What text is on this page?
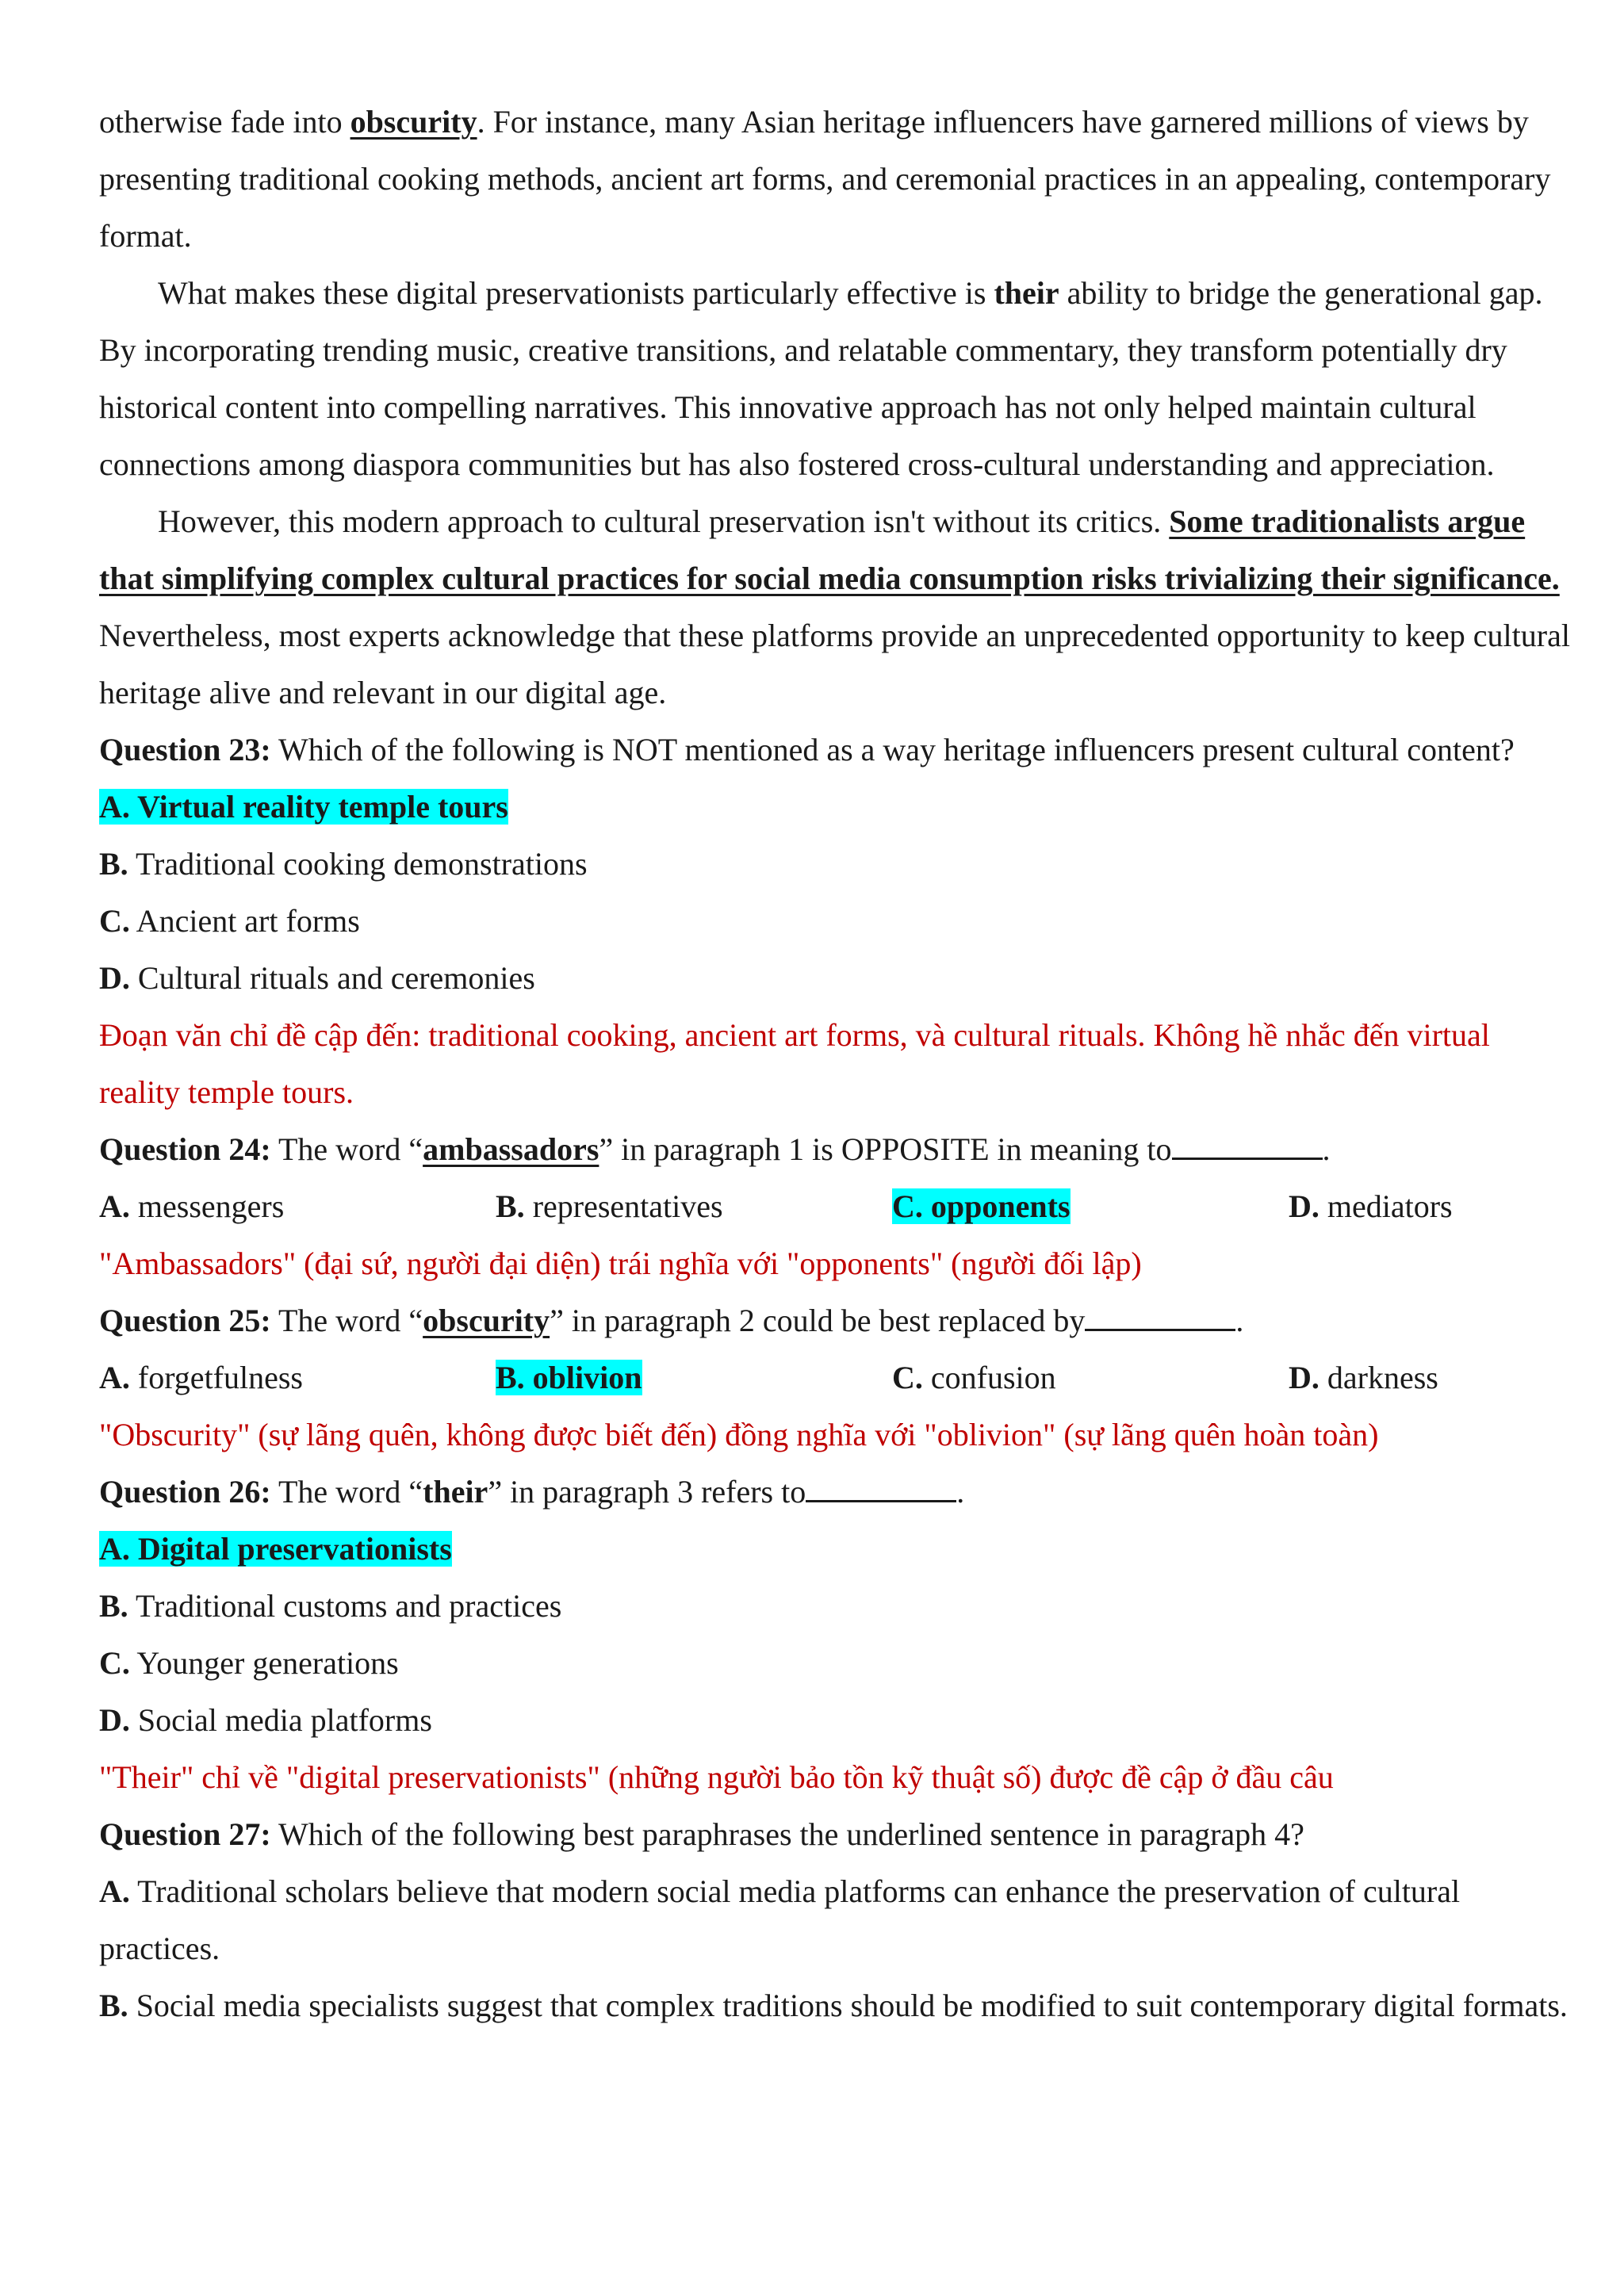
otherwise fade into obscurity. For instance, many Asian heritage influencers have garnered millions of views by presenting traditional cooking methods, ancient art forms, and ceremonial practices in an appealing, contemporary format.

What makes these digital preservationists particularly effective is their ability to bridge the generational gap. By incorporating trending music, creative transitions, and relatable commentary, they transform potentially dry historical content into compelling narratives. This innovative approach has not only helped maintain cultural connections among diaspora communities but has also fostered cross-cultural understanding and appreciation.

However, this modern approach to cultural preservation isn't without its critics. Some traditionalists argue that simplifying complex cultural practices for social media consumption risks trivializing their significance. Nevertheless, most experts acknowledge that these platforms provide an unprecedented opportunity to keep cultural heritage alive and relevant in our digital age.

Question 23: Which of the following is NOT mentioned as a way heritage influencers present cultural content?

A. Virtual reality temple tours

B. Traditional cooking demonstrations

C. Ancient art forms

D. Cultural rituals and ceremonies

Đoạn văn chỉ đề cập đến: traditional cooking, ancient art forms, và cultural rituals. Không hề nhắc đến virtual reality temple tours.

Question 24: The word “ambassadors” in paragraph 1 is OPPOSITE in meaning to	.

A. messengers	B. representatives	C. opponents	D. mediators

"Ambassadors" (đại sứ, người đại diện) trái nghĩa với "opponents" (người đối lập)

Question 25: The word “obscurity” in paragraph 2 could be best replaced by	.

A. forgetfulness	B. oblivion	C. confusion	D. darkness

"Obscurity" (sự lãng quên, không được biết đến) đồng nghĩa với "oblivion" (sự lãng quên hoàn toàn)

Question 26: The word “their” in paragraph 3 refers to	.

A. Digital preservationists

B. Traditional customs and practices

C. Younger generations

D. Social media platforms

"Their" chỉ về "digital preservationists" (những người bảo tồn kỹ thuật số) được đề cập ở đầu câu

Question 27: Which of the following best paraphrases the underlined sentence in paragraph 4?

A. Traditional scholars believe that modern social media platforms can enhance the preservation of cultural practices.

B. Social media specialists suggest that complex traditions should be modified to suit contemporary digital formats.
